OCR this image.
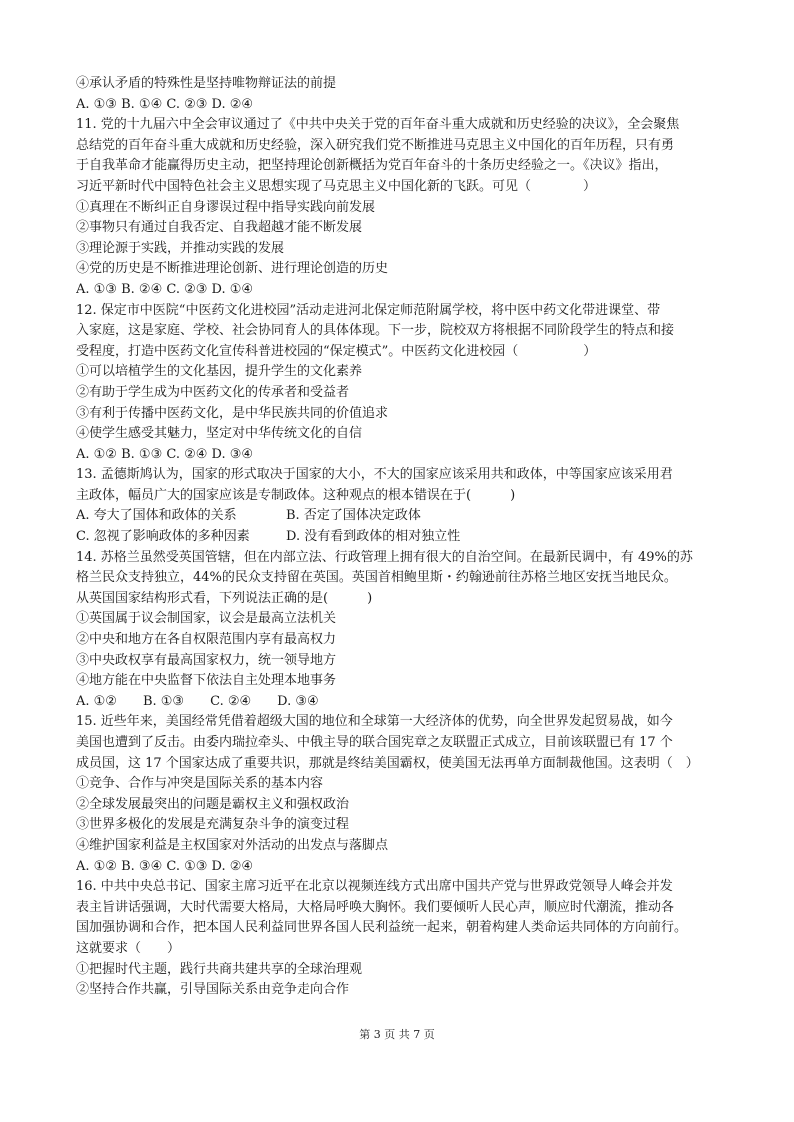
④承认矛盾的特殊性是坚持唯物辩证法的前提
A. ①③ B. ①④ C. ②③ D. ②④
11. 党的十九届六中全会审议通过了《中共中央关于党的百年奋斗重大成就和历史经验的决议》，全会聚焦
总结党的百年奋斗重大成就和历史经验，深入研究我们党不断推进马克思主义中国化的百年历程，只有勇
于自我革命才能赢得历史主动，把坚持理论创新概括为党百年奋斗的十条历史经验之一。《决议》指出，
习近平新时代中国特色社会主义思想实现了马克思主义中国化新的飞跃。可见（　　　　）
①真理在不断纠正自身谬误过程中指导实践向前发展
②事物只有通过自我否定、自我超越才能不断发展
③理论源于实践，并推动实践的发展
④党的历史是不断推进理论创新、进行理论创造的历史
A. ①③ B. ②④ C. ②③ D. ①④
12. 保定市中医院“中医药文化进校园”活动走进河北保定师范附属学校，将中医中药文化带进课堂、带
入家庭，这是家庭、学校、社会协同育人的具体体现。下一步，院校双方将根据不同阶段学生的特点和接
受程度，打造中医药文化宣传科普进校园的“保定模式”。中医药文化进校园（　　　　　）
①可以培植学生的文化基因，提升学生的文化素养
②有助于学生成为中医药文化的传承者和受益者
③有利于传播中医药文化，是中华民族共同的价值追求
④使学生感受其魅力，坚定对中华传统文化的自信
A. ①② B. ①③ C. ②④ D. ③④
13. 孟德斯鸠认为，国家的形式取决于国家的大小，不大的国家应该采用共和政体，中等国家应该采用君
主政体，幅员广大的国家应该是专制政体。这种观点的根本错误在于(　　　)
A. 夸大了国体和政体的关系	B. 否定了国体决定政体
C. 忽视了影响政体的多种因素	D. 没有看到政体的相对独立性
14. 苏格兰虽然受英国管辖，但在内部立法、行政管理上拥有很大的自治空间。在最新民调中，有 49%的苏
格兰民众支持独立，44%的民众支持留在英国。英国首相鲍里斯・约翰逊前往苏格兰地区安抚当地民众。
从英国国家结构形式看，下列说法正确的是(　　　)
①英国属于议会制国家，议会是最高立法机关
②中央和地方在各自权限范围内享有最高权力
③中央政权享有最高国家权力，统一领导地方
④地方能在中央监督下依法自主处理本地事务
A. ①②　　B. ①③　　C. ②④　　D. ③④
15. 近些年来，美国经常凭借着超级大国的地位和全球第一大经济体的优势，向全世界发起贸易战，如今
美国也遭到了反击。由委内瑞拉牵头、中俄主导的联合国宪章之友联盟正式成立，目前该联盟已有 17 个
成员国，这 17 个国家达成了重要共识，那就是终结美国霸权，使美国无法再单方面制裁他国。这表明（　）
①竞争、合作与冲突是国际关系的基本内容
②全球发展最突出的问题是霸权主义和强权政治
③世界多极化的发展是充满复杂斗争的演变过程
④维护国家利益是主权国家对外活动的出发点与落脚点
A. ①② B. ③④ C. ①③ D. ②④
16. 中共中央总书记、国家主席习近平在北京以视频连线方式出席中国共产党与世界政党领导人峰会并发
表主旨讲话强调，大时代需要大格局，大格局呼唤大胸怀。我们要倾听人民心声，顺应时代潮流，推动各
国加强协调和合作，把本国人民利益同世界各国人民利益统一起来，朝着构建人类命运共同体的方向前行。
这就要求（　　）
①把握时代主题，践行共商共建共享的全球治理观
②坚持合作共赢，引导国际关系由竞争走向合作
第 3 页 共 7 页
